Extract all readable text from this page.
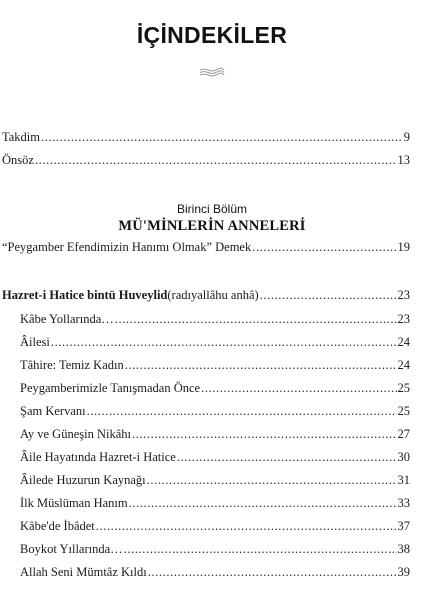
İÇİNDEKİLER
Takdim .....	9
Önsöz .....	13
Birinci Bölüm
MÜ'MİNLERİN ANNELERİ
“Peygamber Efendimizin Hanımı Olmak” Demek .....	19
Hazret-i Hatice bintü Huveylid (radıyallâhu anhâ) .....	23
Kâbe Yollarında… .....	23
Âilesi .....	24
Tâhire: Temiz Kadın .....	24
Peygamberimizle Tanışmadan Önce .....	25
Şam Kervanı .....	25
Ay ve Güneşin Nikâhı .....	27
Âile Hayatında Hazret-i Hatice .....	30
Âilede Huzurun Kaynağı .....	31
İlk Müslüman Hanım .....	33
Kâbe'de İbâdet .....	37
Boykot Yıllarında… .....	38
Allah Seni Mümtâz Kıldı .....	39
